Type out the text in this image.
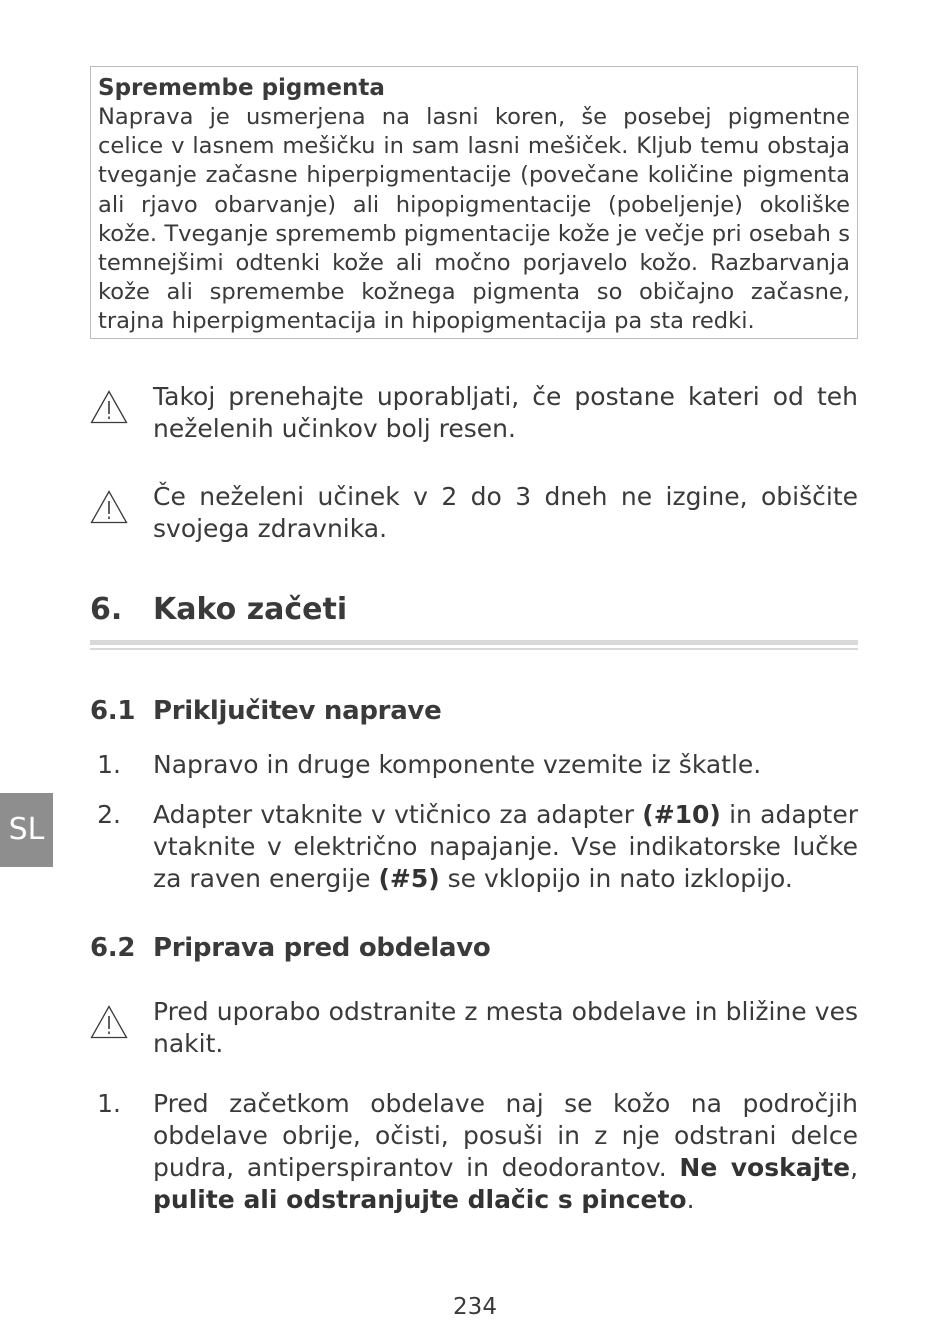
Spremembe pigmenta
Naprava je usmerjena na lasni koren, še posebej pigmentne celice v lasnem mešičku in sam lasni mešiček. Kljub temu obstaja tveganje začasne hiperpigmentacije (povečane količine pigmenta ali rjavo obarvanje) ali hipopigmentacije (pobeljenje) okoliške kože. Tveganje sprememb pigmentacije kože je večje pri osebah s temnejšimi odtenki kože ali močno porjavelo kožo. Razbarvanja kože ali spremembe kožnega pigmenta so običajno začasne, trajna hiperpigmentacija in hipopigmentacija pa sta redki.
Takoj prenehajte uporabljati, če postane kateri od teh neželenih učinkov bolj resen.
Če neželeni učinek v 2 do 3 dneh ne izgine, obiščite svojega zdravnika.
6. Kako začeti
6.1 Priključitev naprave
1. Napravo in druge komponente vzemite iz škatle.
2. Adapter vtaknite v vtičnico za adapter (#10) in adapter vtaknite v električno napajanje. Vse indikatorske lučke za raven energije (#5) se vklopijo in nato izklopijo.
6.2 Priprava pred obdelavo
Pred uporabo odstranite z mesta obdelave in bližine ves nakit.
1. Pred začetkom obdelave naj se kožo na področjih obdelave obrije, očisti, posuši in z nje odstrani delce pudra, antiperspirantov in deodorantov. Ne voskajte, pulite ali odstranjujte dlačic s pinceto.
SL
234
